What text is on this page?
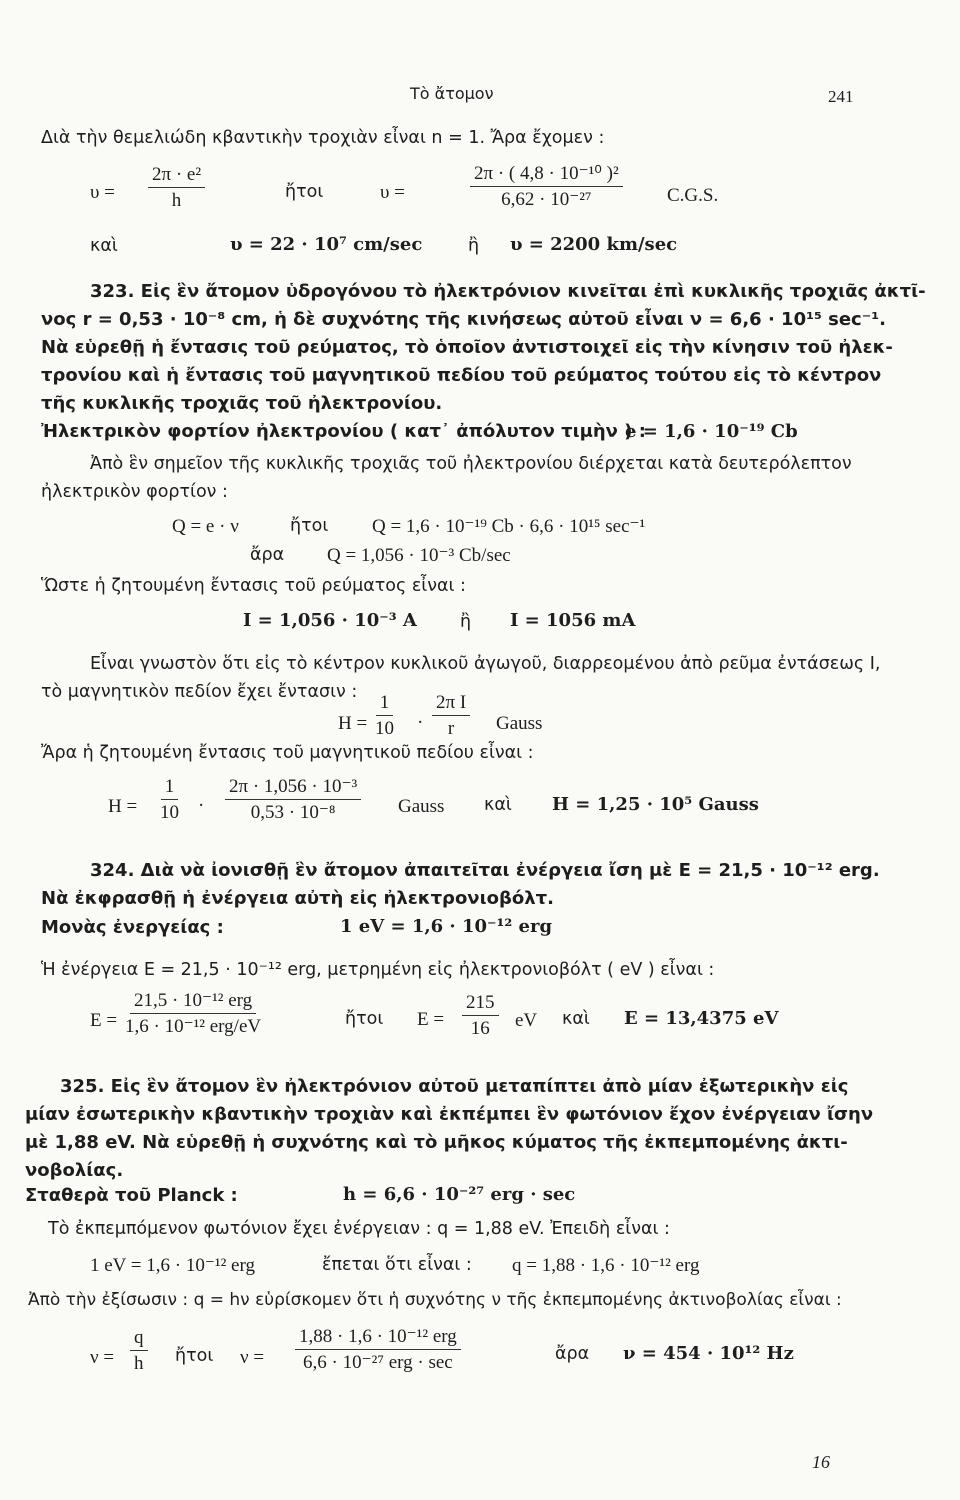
Τὸ ἄτομον	241
Διὰ τὴν θεμελιώδη κβαντικὴν τροχιὰν εἶναι n = 1. Ἄρα ἔχομεν :
$\upsilon = \frac{\text{2π · e²}}{h}$	ἤτοι	υ =	$\frac{\text{2π · ( 4,8 · 10⁻¹⁰ )²}}{\text{6,62 · 10⁻²⁷}} C.G.S$.
καὶ	υ = 22 · 10⁷ cm/sec	ἢ υ = 2200 km/sec
323. Εἰς ἓν ἄτομον ὑδρογόνου τὸ ἠλεκτρόνιον κινεῖται ἐπὶ κυκλικῆς τροχιᾶς ἀκτῖ-
νος r = 0,53 · 10⁻⁸ cm, ἡ δὲ συχνότης τῆς κινήσεως αὐτοῦ εἶναι ν = 6,6 · 10¹⁵ sec⁻¹.
Νὰ εὑρεθῇ ἡ ἔντασις τοῦ ρεύματος, τὸ ὁποῖον ἀντιστοιχεῖ εἰς τὴν κίνησιν τοῦ ἠλεκ-
τρονίου καὶ ἡ ἔντασις τοῦ μαγνητικοῦ πεδίου τοῦ ρεύματος τούτου εἰς τὸ κέντρον
τῆς κυκλικῆς τροχιᾶς τοῦ ἠλεκτρονίου.
Ἠλεκτρικὸν φορτίον ἠλεκτρονίου ( κατ᾽ ἀπόλυτον τιμὴν ) :
e = 1,6 · 10⁻¹⁹ Cb
Ἀπὸ ἓν σημεῖον τῆς κυκλικῆς τροχιᾶς τοῦ ἠλεκτρονίου διέρχεται κατὰ δευτερόλεπτον
ἠλεκτρικὸν φορτίον :
Q = e · ν	ἤτοι Q = 1,6 · 10⁻¹⁹ Cb · 6,6 · 10¹⁵ sec⁻¹
ἄρα Q = 1,056 · 10⁻³ Cb/sec
Ὥστε ἡ ζητουμένη ἔντασις τοῦ ρεύματος εἶναι :
I = 1,056 · 10⁻³ A ἢ I = 1056 mA
Εἶναι γνωστὸν ὅτι εἰς τὸ κέντρον κυκλικοῦ ἀγωγοῦ, διαρρεομένου ἀπὸ ρεῦμα ἐντάσεως I,
τὸ μαγνητικὸν πεδίον ἔχει ἔντασιν :
$H = \frac{1}{10} \cdot \frac{\text{2π I}}{r}$ Gauss
Ἄρα ἡ ζητουμένη ἔντασις τοῦ μαγνητικοῦ πεδίου εἶναι :
$H = \frac{1}{10} \cdot \frac{\text{2π · 1,056 · 10⁻³}}{\text{0,53 · 10⁻⁸}}$ Gauss καὶ H = 1,25 · 10⁵ Gauss
324. Διὰ νὰ ἰονισθῇ ἓν ἄτομον ἀπαιτεῖται ἐνέργεια ἴση μὲ E = 21,5 · 10⁻¹² erg.
Νὰ ἐκφρασθῇ ἡ ἐνέργεια αὐτὴ εἰς ἠλεκτρονιοβόλτ.
Μονὰς ἐνεργείας :	1 eV = 1,6 · 10⁻¹² erg
Ἡ ἐνέργεια E = 21,5 · 10⁻¹² erg, μετρημένη εἰς ἠλεκτρονιοβόλτ ( eV ) εἶναι :
E =
21,5 · 10⁻¹² erg
1,6 · 10⁻¹² erg/eV	ἤτοι $E = \frac{215}{16}$ eV καὶ E = 13,4375 eV
325. Εἰς ἓν ἄτομον ἓν ἠλεκτρόνιον αὐτοῦ μεταπίπτει ἀπὸ μίαν ἐξωτερικὴν εἰς
μίαν ἐσωτερικὴν κβαντικὴν τροχιὰν καὶ ἐκπέμπει ἓν φωτόνιον ἔχον ἐνέργειαν ἴσην
μὲ 1,88 eV. Νὰ εὑρεθῇ ἡ συχνότης καὶ τὸ μῆκος κύματος τῆς ἐκπεμπομένης ἀκτι-
νοβολίας.
Σταθερὰ τοῦ Planck :	h = 6,6 · 10⁻²⁷ erg · sec
Τὸ ἐκπεμπόμενον φωτόνιον ἔχει ἐνέργειαν : q = 1,88 eV. Ἐπειδὴ εἶναι :
1 eV = 1,6 · 10⁻¹² erg	ἔπεται ὅτι εἶναι : q = 1,88 · 1,6 · 10⁻¹² erg
Ἀπὸ τὴν ἐξίσωσιν : q = hν εὑρίσκομεν ὅτι ἡ συχνότης ν τῆς ἐκπεμπομένης ἀκτινοβολίας εἶναι :
$\nu = \frac{q}{h}$ ἤτοι ν =
1,88 · 1,6 · 10⁻¹² erg
6,6 · 10⁻²⁷ erg · sec	ἄρα ν = 454 · 10¹² Hz
16
